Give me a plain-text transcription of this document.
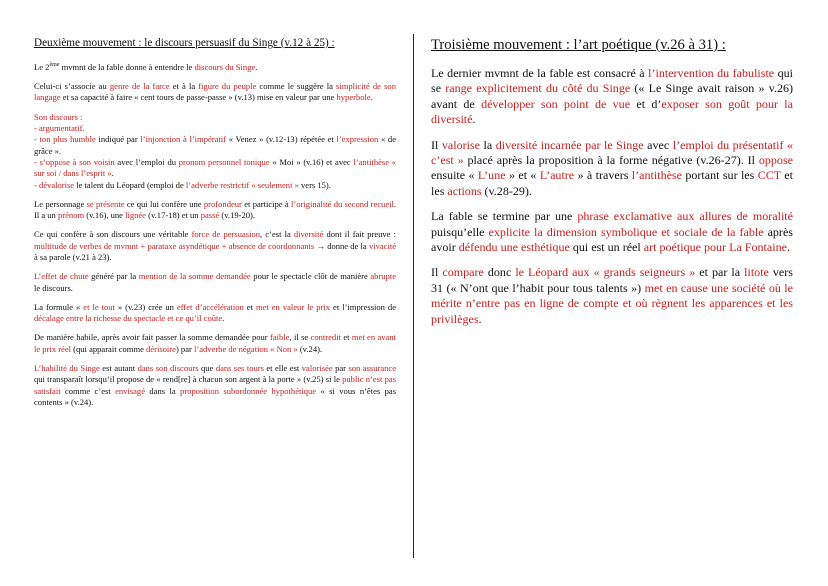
Deuxième mouvement : le discours persuasif du Singe (v.12 à 25) :

Le 2ème mvmnt de la fable donne à entendre le discours du Singe.

Celui-ci s’associe au genre de la farce et à la figure du peuple comme le suggère la simplicité de son langage et sa capacité à faire « cent tours de passe-passe » (v.13) mise en valeur par une hyperbole.

Son discours :
- argumentatif.
- ton plus humble indiqué par l’injonction à l’impératif « Venez » (v.12-13) répétée et l’expression « de grâce ».
- s’oppose à son voisin avec l’emploi du pronom personnel tonique « Moi » (v.16) et avec l’antithèse « sur soi / dans l’esprit ».
- dévalorise le talent du Léopard (emploi de l’adverbe restrictif « seulement » vers 15).

Le personnage se présente ce qui lui confère une profondeur et participe à l’originalité du second recueil. Il a un prénom (v.16), une lignée (v.17-18) et un passé (v.19-20).

Ce qui confère à son discours une véritable force de persuasion, c’est la diversité dont il fait preuve : multitude de verbes de mvmnt + parataxe asyndétique + absence de coordonnants → donne de la vivacité à sa parole (v.21 à 23).

L’effet de chute généré par la mention de la somme demandée pour le spectacle clôt de manière abrupte le discours.

La formule « et le tout » (v.23) crée un effet d’accélération et met en valeur le prix et l’impression de décalage entre la richesse du spectacle et ce qu’il coûte.

De manière habile, après avoir fait passer la somme demandée pour faible, il se contredit et met en avant le prix réel (qui apparait comme dérisoire) par l’adverbe de négation « Non » (v.24).

L’habilité du Singe est autant dans son discours que dans ses tours et elle est valorisée par son assurance qui transparaît lorsqu’il propose de « rend[re] à chacun son argent à la porte » (v.25) si le public n’est pas satisfait comme c’est envisagé dans la proposition subordonnée hypothétique « si vous n’êtes pas contents » (v.24).

Troisième mouvement : l’art poétique (v.26 à 31) :

Le dernier mvmnt de la fable est consacré à l’intervention du fabuliste qui se range explicitement du côté du Singe (« Le Singe avait raison » v.26) avant de développer son point de vue et d’exposer son goût pour la diversité.

Il valorise la diversité incarnée par le Singe avec l’emploi du présentatif « c’est » placé après la proposition à la forme négative (v.26-27). Il oppose ensuite « L’une » et « L’autre » à travers l’antithèse portant sur les CCT et les actions (v.28-29).

La fable se termine par une phrase exclamative aux allures de moralité puisqu’elle explicite la dimension symbolique et sociale de la fable après avoir défendu une esthétique qui est un réel art poétique pour La Fontaine.

Il compare donc le Léopard aux « grands seigneurs » et par la litote vers 31 (« N’ont que l’habit pour tous talents ») met en cause une société où le mérite n’entre pas en ligne de compte et où règnent les apparences et les privilèges.
